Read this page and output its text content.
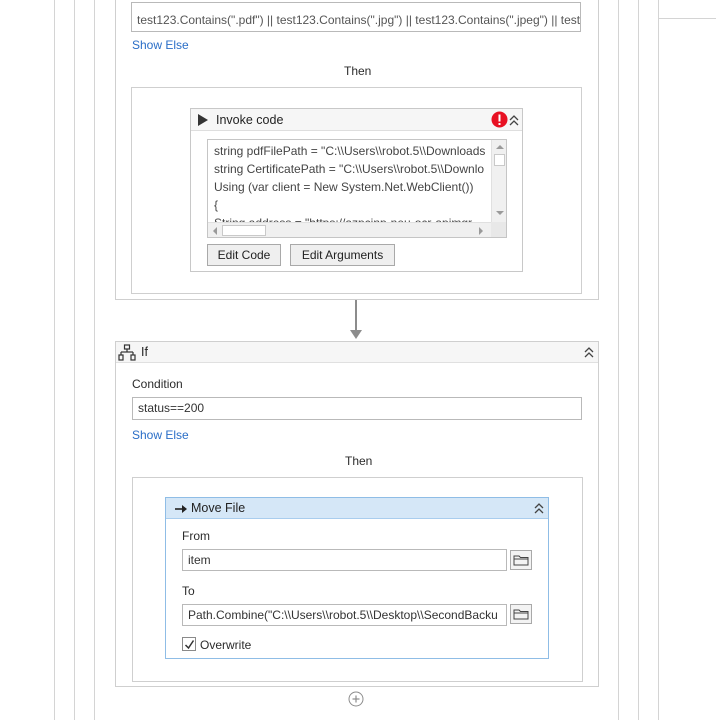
test123.Contains(".pdf") || test123.Contains(".jpg") || test123.Contains(".jpeg") || test
Show Else
Then
Invoke code
string pdfFilePath = "C:\\Users\\robot.5\\Downloads
string CertificatePath = "C:\\Users\\robot.5\\Downlo
Using (var client = New System.Net.WebClient())
{
Edit Code	Edit Arguments
If
Condition
status==200
Show Else
Then
Move File
From
item
To
Path.Combine("C:\\Users\\robot.5\\Desktop\\SecondBacku
Overwrite
